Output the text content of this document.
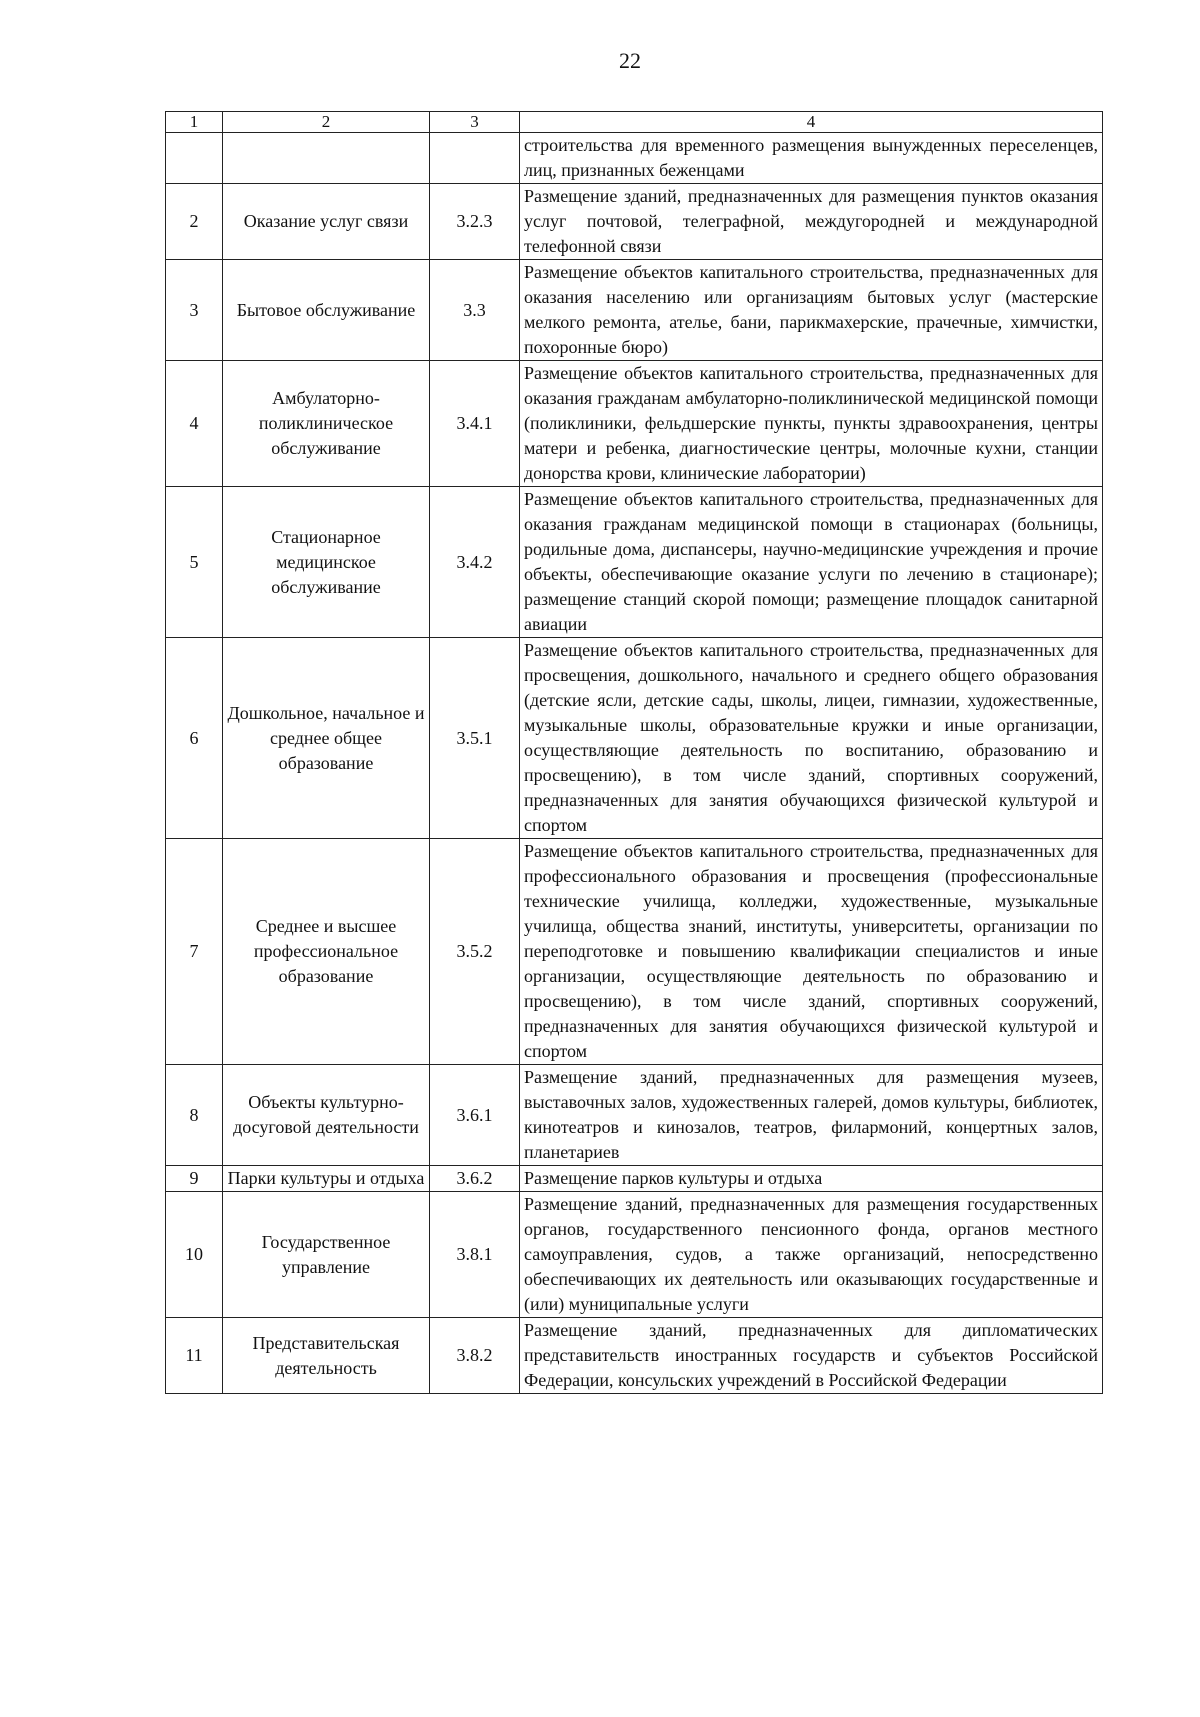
22
1	2	3	4
			строительства для временного размещения вынужденных переселенцев, лиц, признанных беженцами
2	Оказание услуг связи	3.2.3	Размещение зданий, предназначенных для размещения пунктов оказания услуг почтовой, телеграфной, междугородней и международной телефонной связи
3	Бытовое обслуживание	3.3	Размещение объектов капитального строительства, предназначенных для оказания населению или организациям бытовых услуг (мастерские мелкого ремонта, ателье, бани, парикмахерские, прачечные, химчистки, похоронные бюро)
4	Амбулаторно-поликлиническое обслуживание	3.4.1	Размещение объектов капитального строительства, предназначенных для оказания гражданам амбулаторно-поликлинической медицинской помощи (поликлиники, фельдшерские пункты, пункты здравоохранения, центры матери и ребенка, диагностические центры, молочные кухни, станции донорства крови, клинические лаборатории)
5	Стационарное медицинское обслуживание	3.4.2	Размещение объектов капитального строительства, предназначенных для оказания гражданам медицинской помощи в стационарах (больницы, родильные дома, диспансеры, научно-медицинские учреждения и прочие объекты, обеспечивающие оказание услуги по лечению в стационаре); размещение станций скорой помощи; размещение площадок санитарной авиации
6	Дошкольное, начальное и среднее общее образование	3.5.1	Размещение объектов капитального строительства, предназначенных для просвещения, дошкольного, начального и среднего общего образования (детские ясли, детские сады, школы, лицеи, гимназии, художественные, музыкальные школы, образовательные кружки и иные организации, осуществляющие деятельность по воспитанию, образованию и просвещению), в том числе зданий, спортивных сооружений, предназначенных для занятия обучающихся физической культурой и спортом
7	Среднее и высшее профессиональное образование	3.5.2	Размещение объектов капитального строительства, предназначенных для профессионального образования и просвещения (профессиональные технические училища, колледжи, художественные, музыкальные училища, общества знаний, институты, университеты, организации по переподготовке и повышению квалификации специалистов и иные организации, осуществляющие деятельность по образованию и просвещению), в том числе зданий, спортивных сооружений, предназначенных для занятия обучающихся физической культурой и спортом
8	Объекты культурно-досуговой деятельности	3.6.1	Размещение зданий, предназначенных для размещения музеев, выставочных залов, художественных галерей, домов культуры, библиотек, кинотеатров и кинозалов, театров, филармоний, концертных залов, планетариев
9	Парки культуры и отдыха	3.6.2	Размещение парков культуры и отдыха
10	Государственное управление	3.8.1	Размещение зданий, предназначенных для размещения государственных органов, государственного пенсионного фонда, органов местного самоуправления, судов, а также организаций, непосредственно обеспечивающих их деятельность или оказывающих государственные и (или) муниципальные услуги
11	Представительская деятельность	3.8.2	Размещение зданий, предназначенных для дипломатических представительств иностранных государств и субъектов Российской Федерации, консульских учреждений в Российской Федерации
